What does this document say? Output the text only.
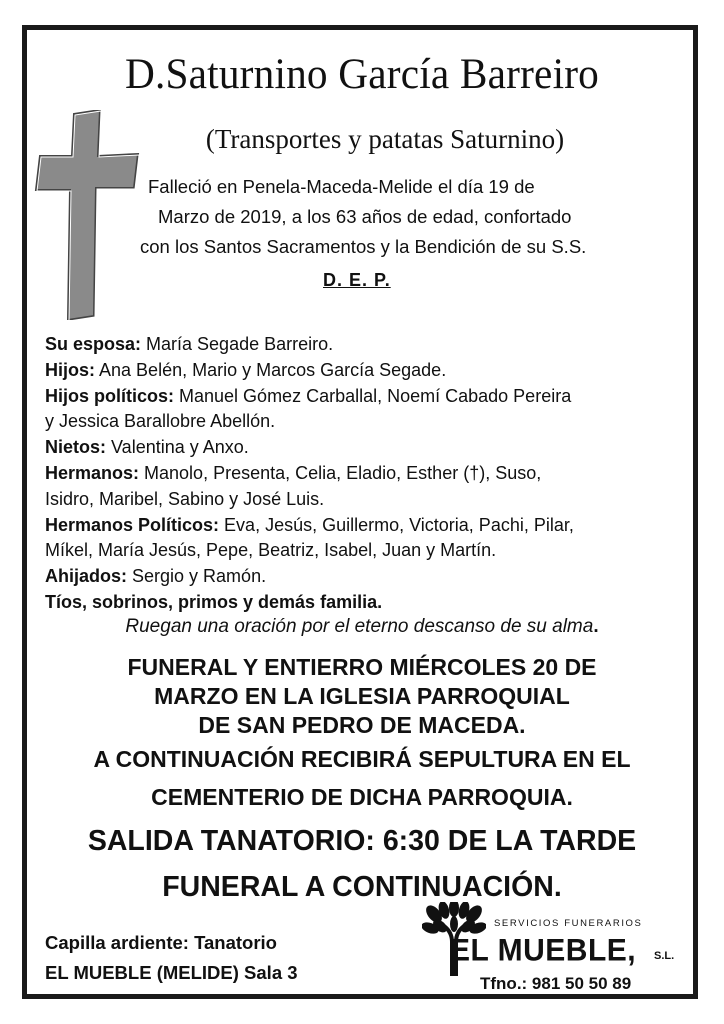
D.Saturnino García Barreiro
(Transportes y patatas Saturnino)
Falleció en Penela-Maceda-Melide el día 19 de
Marzo de 2019, a los 63 años de edad, confortado
con los Santos Sacramentos y la Bendición de su S.S.
D. E. P.
Su esposa: María Segade Barreiro.
Hijos: Ana Belén, Mario y Marcos García Segade.
Hijos políticos: Manuel Gómez Carballal, Noemí Cabado Pereira
y Jessica Barallobre Abellón.
Nietos: Valentina y Anxo.
Hermanos: Manolo, Presenta, Celia, Eladio, Esther (†), Suso,
Isidro, Maribel, Sabino y José Luis.
Hermanos Políticos: Eva, Jesús, Guillermo, Victoria, Pachi, Pilar,
Míkel, María Jesús, Pepe, Beatriz, Isabel, Juan y Martín.
Ahijados: Sergio y Ramón.
Tíos, sobrinos, primos y demás familia.
Ruegan una oración por el eterno descanso de su alma.
FUNERAL Y ENTIERRO MIÉRCOLES 20 DE
MARZO EN LA IGLESIA PARROQUIAL
DE SAN PEDRO DE MACEDA.
A CONTINUACIÓN RECIBIRÁ SEPULTURA EN EL
CEMENTERIO DE DICHA PARROQUIA.
SALIDA TANATORIO: 6:30 DE LA TARDE
FUNERAL A CONTINUACIÓN.
Capilla ardiente: Tanatorio
EL MUEBLE (MELIDE) Sala 3
SERVICIOS FUNERARIOS
EL MUEBLE, S.L.
Tfno.: 981 50 50 89
